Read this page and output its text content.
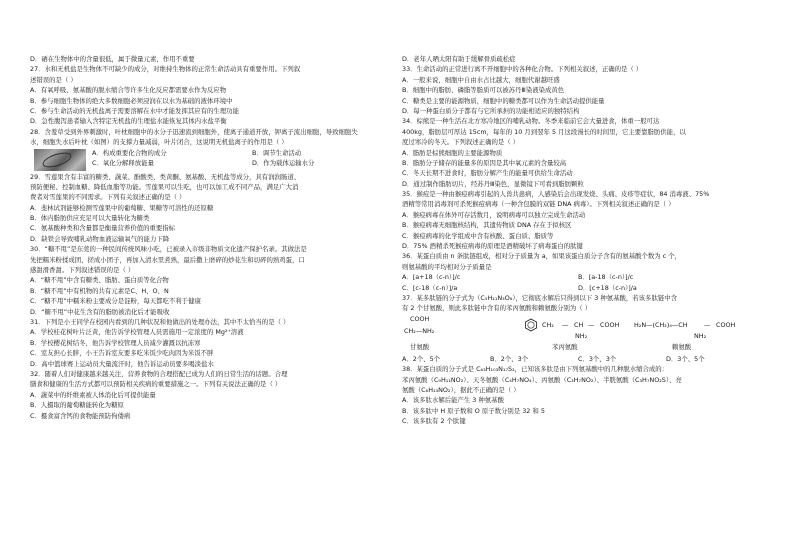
D．硒在生物体中的含量很低，属于微量元素，作用不重要
27．水和无机盐是生物体不可缺少的成分，对维持生物体的正常生命活动具有重要作用。下列叙
述错误的是（ ）
A．有氧呼吸、氨基酸的脱水缩合等许多生化反应都需要水作为反应物
B．参与细胞生物体的绝大多数细胞必须浸润在以水为基础的液体环境中
C．参与生命活动的无机盐离子需要溶解在水中才能发挥其应有的生理功能
D．急性腹泻患者输入含特定无机盐的生理盐水能恢复其体内水盐平衡
28．含羞草受到外界刺激时，叶枕细胞中的水分子迅速流到细胞外，使离子通道开放，钾离子流出细胞，导致细胞失
水，细胞失水后叶枕（如图）的支撑力量减弱，叶片闭合，这说明无机盐离子的作用是（ ）
A．构成重要化合物的成分	B．调节生命活动
C．氧化分解释放能量	D．作为载体运输水分
29．雪莲果含有丰富的糖类、蔬菜、酚酸类、类黄酮、氨基酸、无机盐等成分，具有润润肠道、
预防便秘、控制血糖、降低血脂等功能。雪莲果可以生吃，也可以加工成不同产品，满足广大消
费者对雪莲果的不同需求。下列有关叙述正确的是（ ）
A．斐林试剂能够检测雪莲果中的葡萄糖、果糖等可溶性的还原糖
B．体内脂肪供应充足可以大量转化为糖类
C．氨基酸种类和含量都是衡量营养价值的重要指标
D．缺铁会导致哺乳动物血液运输氧气的能力下降
30．“糖不甩”是东莞的一种民间传统风味小吃，已被录入市级非物质文化遗产保护名录。其做法是
先把糯米粉揉成团，搓成小团子，再加入清水里煮熟，最后撒上磨碎的炒花生和切碎的熟鸡蛋，口
感甜滑香甜。下列叙述错误的是（ ）
A．“糖不甩”中含有糖类、脂肪、蛋白质等化合物
B．“糖不甩”中有机物的共有元素是C、H、O、N
C．“糖不甩”中糯米粉主要成分是淀粉，每天都吃不利于健康
D．“糖不甩”中花生含有的脂肪被消化后才能吸收
31．下列是小王同学在校园内看到的几种状况和他做出的处理办法，其中不太恰当的是（ ）
A．学校桂花树叶片泛黄，他告诉学校管理人员需施用一定浓度的 Mg²⁺溶液
B．学校樱花树结冬，他告诉学校管理人员减少灌溉以抗冻寒
C．室友担心长胖，小王告诉室友要多吃米饭少吃肉因为米饭不胖
D．高中篮球赛上运动员大量流汗时，他告诉运动员要多喝淡盐水
32．随着人们对健康越来越关注，营养食物的合理搭配已成为人们的日常生活的话题。合理
膳食和健康的生活方式都可以预防相关疾病的重要措施之一。下列有关说法正确的是（ ）
A．蔬菜中的纤维素被人体消化后可提供能量
B．人摄取的葡萄糖能转化为糖原
C．摄食富含钙的食物能预防佝偻病
D．老年人晒太阳有助于缓解骨质疏松症
33．生命活动的正常进行离不开细胞中的各种化合物。下列相关叙述，正确的是（ ）
A．一般来说，细胞中自由水占比越大，细胞代谢越旺盛
B．细胞中的脂肪、磷脂等脂质可以被苏丹Ⅲ染液染成黄色
C．糖类是主要的能源物质，细胞中的糖类都可以作为生命活动提供能量
D．每一种蛋白质分子都有与它所承担的功能相适应的独特结构
34．棕熊是一种生活在北方寒冷地区的哺乳动物。冬季来临前它会大量进食，体重一般可达
400kg，脂肪层可厚达 15cm，每年的 10 月到翌年 5 月这段漫长的时间里，它主要靠脂肪供能，以
度过寒冷的冬天。下列叙述正确的是（ ）
A．脂肪是棕熊细胞的主要能源物质
B．脂肪分子储存的能量多的原因是其中氧元素的含量较高
C．冬天长期不进食时，脂肪分解产生的能量可供给生命活动
D．通过制作脂肪切片，经苏丹Ⅲ染色，显微镜下可看到脂肪颗粒
35．猴痘是一种由猴痘病毒引起的人兽共患病，人感染后会出现发烧、头痛、皮疹等症状，84 消毒液、75%
酒精等常用消毒剂可杀死猴痘病毒（一种含包膜的双链 DNA 病毒）。下列相关叙述正确的是（ ）
A．猴痘病毒在体外可存活数月，说明病毒可以独立完成生命活动
B．猴痘病毒无细胞核结构，其遗传物质 DNA 存在于拟核区
C．猴痘病毒的化学组成中含有核酸、蛋白质、脂质等
D．75% 酒精杀死猴痘病毒的原理是酒精破坏了病毒蛋白的肽键
36．某蛋白质由 n 条肽链组成，相对分子质量为 a，如果该蛋白质分子含有的氨基酸个数为 c 个，
则氨基酸的平均相对分子质量是
A．[a+18（c-n）]/c	B．[a-18（c-n）]/c
C．[c-18（c-n）]/a	D．[c+18（c-n）]/a
37．某多肽链的分子式为（C₅H₁₁N₃O₆），它彻底水解后只得到以下 3 种氨基酸，若该多肽链中含
有 2 个甘氨酸，则此多肽链中含有的苯丙氨酸和赖氨酸分别为（ ）
COOH
CH₂—NH₂
甘氨酸
CH₂ — CH — COOH
NH₂
苯丙氨酸
H₂N—(CH₂)₄—CH	— COOH
NH₂
赖氨酸
A．2个、5个	B．2个、3个	C．3个、3个	D．3个、5个
38．某蛋白质的分子式是 C₆₃H₁₀₃N₁₇S₂，已知该多肽是由下列氨基酸中的几种脱水缩合成的：
苯丙氨酸（C₉H₁₁NO₂）、天冬氨酸（C₄H₇NO₄）、丙氨酸（C₃H₇NO₂）、半胱氨酸（C₃H₇NO₂S）、亮
氨酸（C₆H₁₃NO₂），据此不正确的是（ ）
A．该多肽水解后能产生 3 种氨基酸
B．该多肽中 H 原子数和 O 原子数分别是 32 和 5
C．该多肽有 2 个肽键
